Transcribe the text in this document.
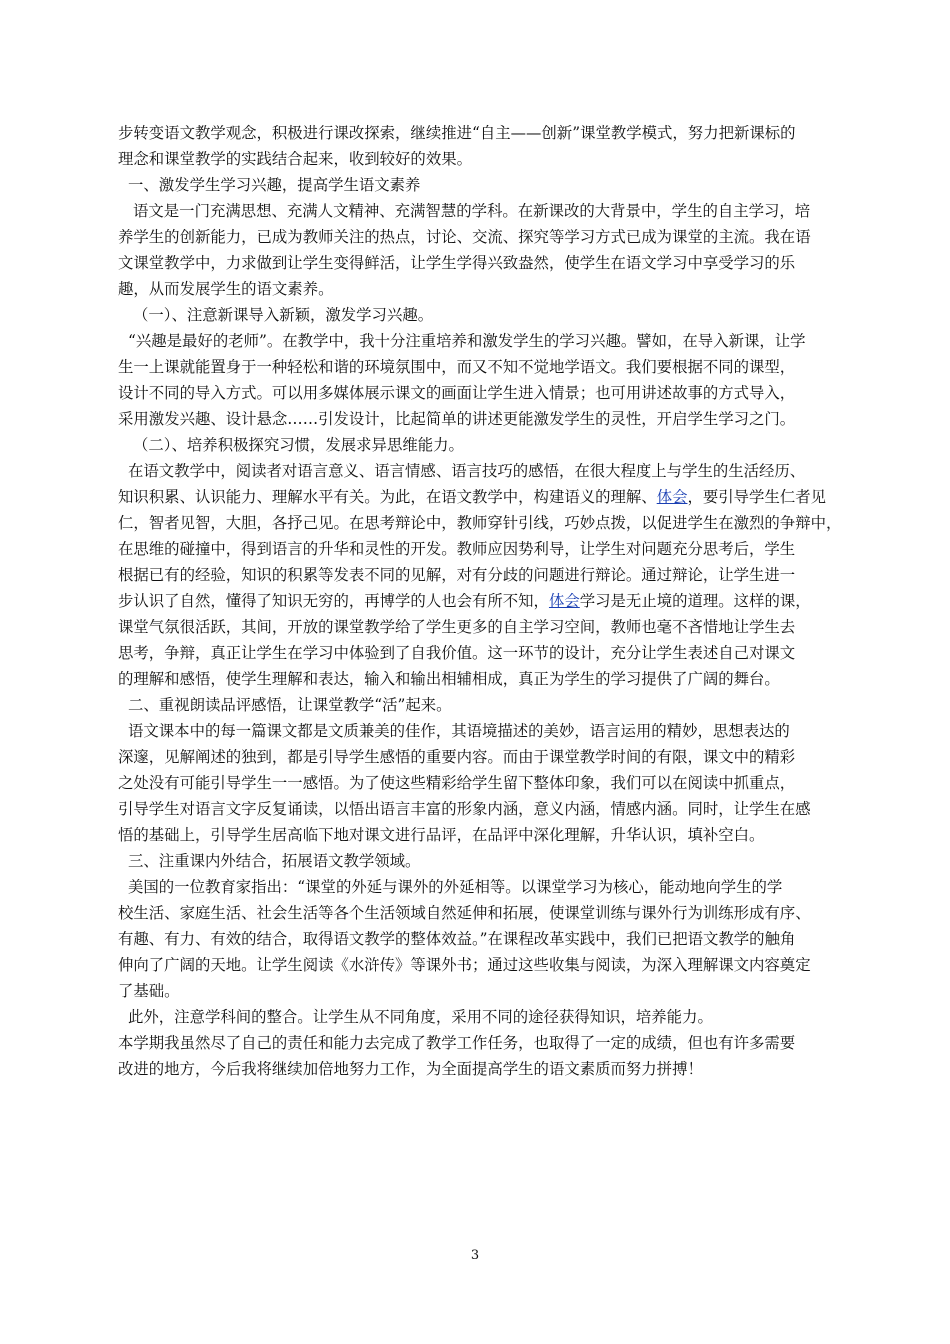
步转变语文教学观念，积极进行课改探索，继续推进“自主——创新”课堂教学模式，努力把新课标的
理念和课堂教学的实践结合起来，收到较好的效果。
一、激发学生学习兴趣，提高学生语文素养
语文是一门充满思想、充满人文精神、充满智慧的学科。在新课改的大背景中，学生的自主学习，培
养学生的创新能力，已成为教师关注的热点，讨论、交流、探究等学习方式已成为课堂的主流。我在语
文课堂教学中，力求做到让学生变得鲜活，让学生学得兴致盎然，使学生在语文学习中享受学习的乐
趣，从而发展学生的语文素养。
（一）、注意新课导入新颖，激发学习兴趣。
“兴趣是最好的老师”。在教学中，我十分注重培养和激发学生的学习兴趣。譬如，在导入新课，让学
生一上课就能置身于一种轻松和谐的环境氛围中，而又不知不觉地学语文。我们要根据不同的课型，
设计不同的导入方式。可以用多媒体展示课文的画面让学生进入情景；也可用讲述故事的方式导入，
采用激发兴趣、设计悬念……引发设计，比起简单的讲述更能激发学生的灵性，开启学生学习之门。
（二）、培养积极探究习惯，发展求异思维能力。
在语文教学中，阅读者对语言意义、语言情感、语言技巧的感悟，在很大程度上与学生的生活经历、
知识积累、认识能力、理解水平有关。为此，在语文教学中，构建语义的理解、体会，要引导学生仁者见
仁，智者见智，大胆，各抒己见。在思考辩论中，教师穿针引线，巧妙点拨，以促进学生在激烈的争辩中，
在思维的碰撞中，得到语言的升华和灵性的开发。教师应因势利导，让学生对问题充分思考后，学生
根据已有的经验，知识的积累等发表不同的见解，对有分歧的问题进行辩论。通过辩论，让学生进一
步认识了自然，懂得了知识无穷的，再博学的人也会有所不知，体会学习是无止境的道理。这样的课，
课堂气氛很活跃，其间，开放的课堂教学给了学生更多的自主学习空间，教师也毫不吝惜地让学生去
思考，争辩，真正让学生在学习中体验到了自我价值。这一环节的设计，充分让学生表述自己对课文
的理解和感悟，使学生理解和表达，输入和输出相辅相成，真正为学生的学习提供了广阔的舞台。
二、重视朗读品评感悟，让课堂教学“活”起来。
语文课本中的每一篇课文都是文质兼美的佳作，其语境描述的美妙，语言运用的精妙，思想表达的
深邃，见解阐述的独到，都是引导学生感悟的重要内容。而由于课堂教学时间的有限，课文中的精彩
之处没有可能引导学生一一感悟。为了使这些精彩给学生留下整体印象，我们可以在阅读中抓重点，
引导学生对语言文字反复诵读，以悟出语言丰富的形象内涵，意义内涵，情感内涵。同时，让学生在感
悟的基础上，引导学生居高临下地对课文进行品评，在品评中深化理解，升华认识，填补空白。
三、注重课内外结合，拓展语文教学领域。
美国的一位教育家指出：“课堂的外延与课外的外延相等。以课堂学习为核心，能动地向学生的学
校生活、家庭生活、社会生活等各个生活领域自然延伸和拓展，使课堂训练与课外行为训练形成有序、
有趣、有力、有效的结合，取得语文教学的整体效益。”在课程改革实践中，我们已把语文教学的触角
伸向了广阔的天地。让学生阅读《水浒传》等课外书；通过这些收集与阅读，为深入理解课文内容奠定
了基础。
此外，注意学科间的整合。让学生从不同角度，采用不同的途径获得知识，培养能力。
本学期我虽然尽了自己的责任和能力去完成了教学工作任务，也取得了一定的成绩，但也有许多需要
改进的地方，今后我将继续加倍地努力工作，为全面提高学生的语文素质而努力拼搏！
3
